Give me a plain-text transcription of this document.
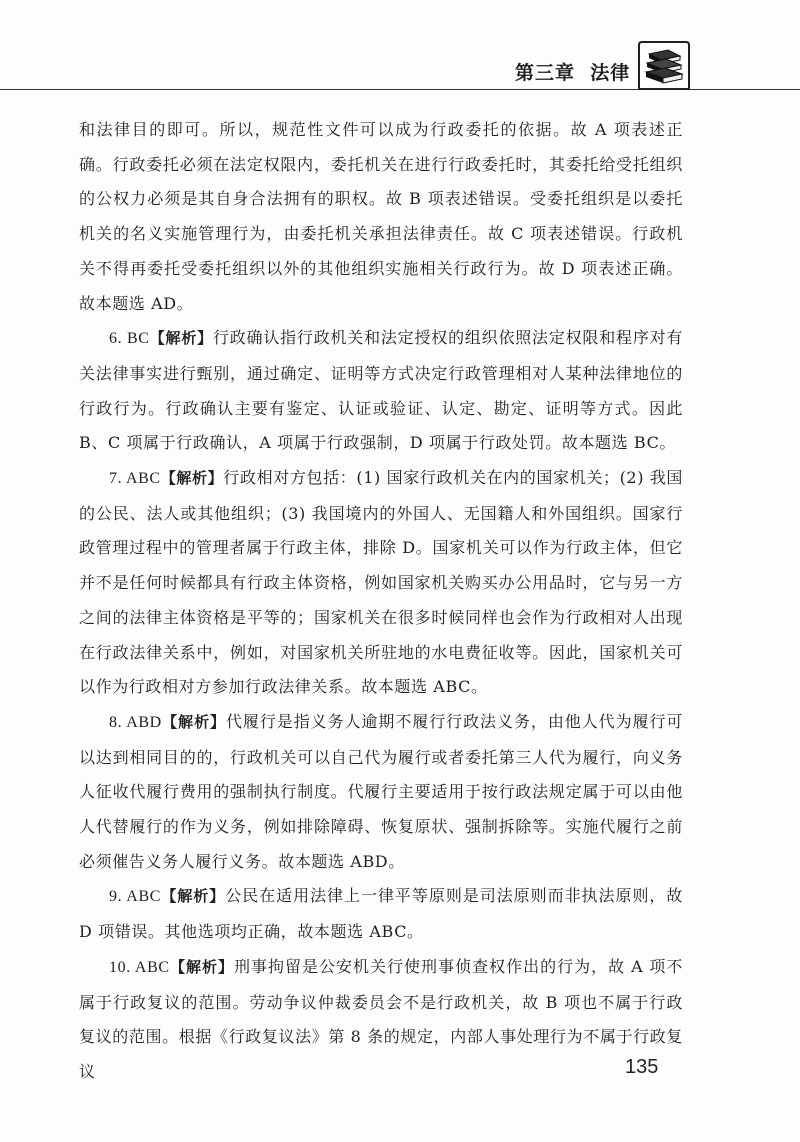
第三章  法律

和法律目的即可。所以，规范性文件可以成为行政委托的依据。故 A 项表述正确。行政委托必须在法定权限内，委托机关在进行行政委托时，其委托给受托组织的公权力必须是其自身合法拥有的职权。故 B 项表述错误。受委托组织是以委托机关的名义实施管理行为，由委托机关承担法律责任。故 C 项表述错误。行政机关不得再委托受委托组织以外的其他组织实施相关行政行为。故 D 项表述正确。故本题选 AD。

6. BC【解析】行政确认指行政机关和法定授权的组织依照法定权限和程序对有关法律事实进行甄别，通过确定、证明等方式决定行政管理相对人某种法律地位的行政行为。行政确认主要有鉴定、认证或验证、认定、勘定、证明等方式。因此 B、C 项属于行政确认，A 项属于行政强制，D 项属于行政处罚。故本题选 BC。

7. ABC【解析】行政相对方包括：(1) 国家行政机关在内的国家机关；(2) 我国的公民、法人或其他组织；(3) 我国境内的外国人、无国籍人和外国组织。国家行政管理过程中的管理者属于行政主体，排除 D。国家机关可以作为行政主体，但它并不是任何时候都具有行政主体资格，例如国家机关购买办公用品时，它与另一方之间的法律主体资格是平等的；国家机关在很多时候同样也会作为行政相对人出现在行政法律关系中，例如，对国家机关所驻地的水电费征收等。因此，国家机关可以作为行政相对方参加行政法律关系。故本题选 ABC。

8. ABD【解析】代履行是指义务人逾期不履行行政法义务，由他人代为履行可以达到相同目的的，行政机关可以自己代为履行或者委托第三人代为履行，向义务人征收代履行费用的强制执行制度。代履行主要适用于按行政法规定属于可以由他人代替履行的作为义务，例如排除障碍、恢复原状、强制拆除等。实施代履行之前必须催告义务人履行义务。故本题选 ABD。

9. ABC【解析】公民在适用法律上一律平等原则是司法原则而非执法原则，故 D 项错误。其他选项均正确，故本题选 ABC。

10. ABC【解析】刑事拘留是公安机关行使刑事侦查权作出的行为，故 A 项不属于行政复议的范围。劳动争议仲裁委员会不是行政机关，故 B 项也不属于行政复议的范围。根据《行政复议法》第 8 条的规定，内部人事处理行为不属于行政复议	135
